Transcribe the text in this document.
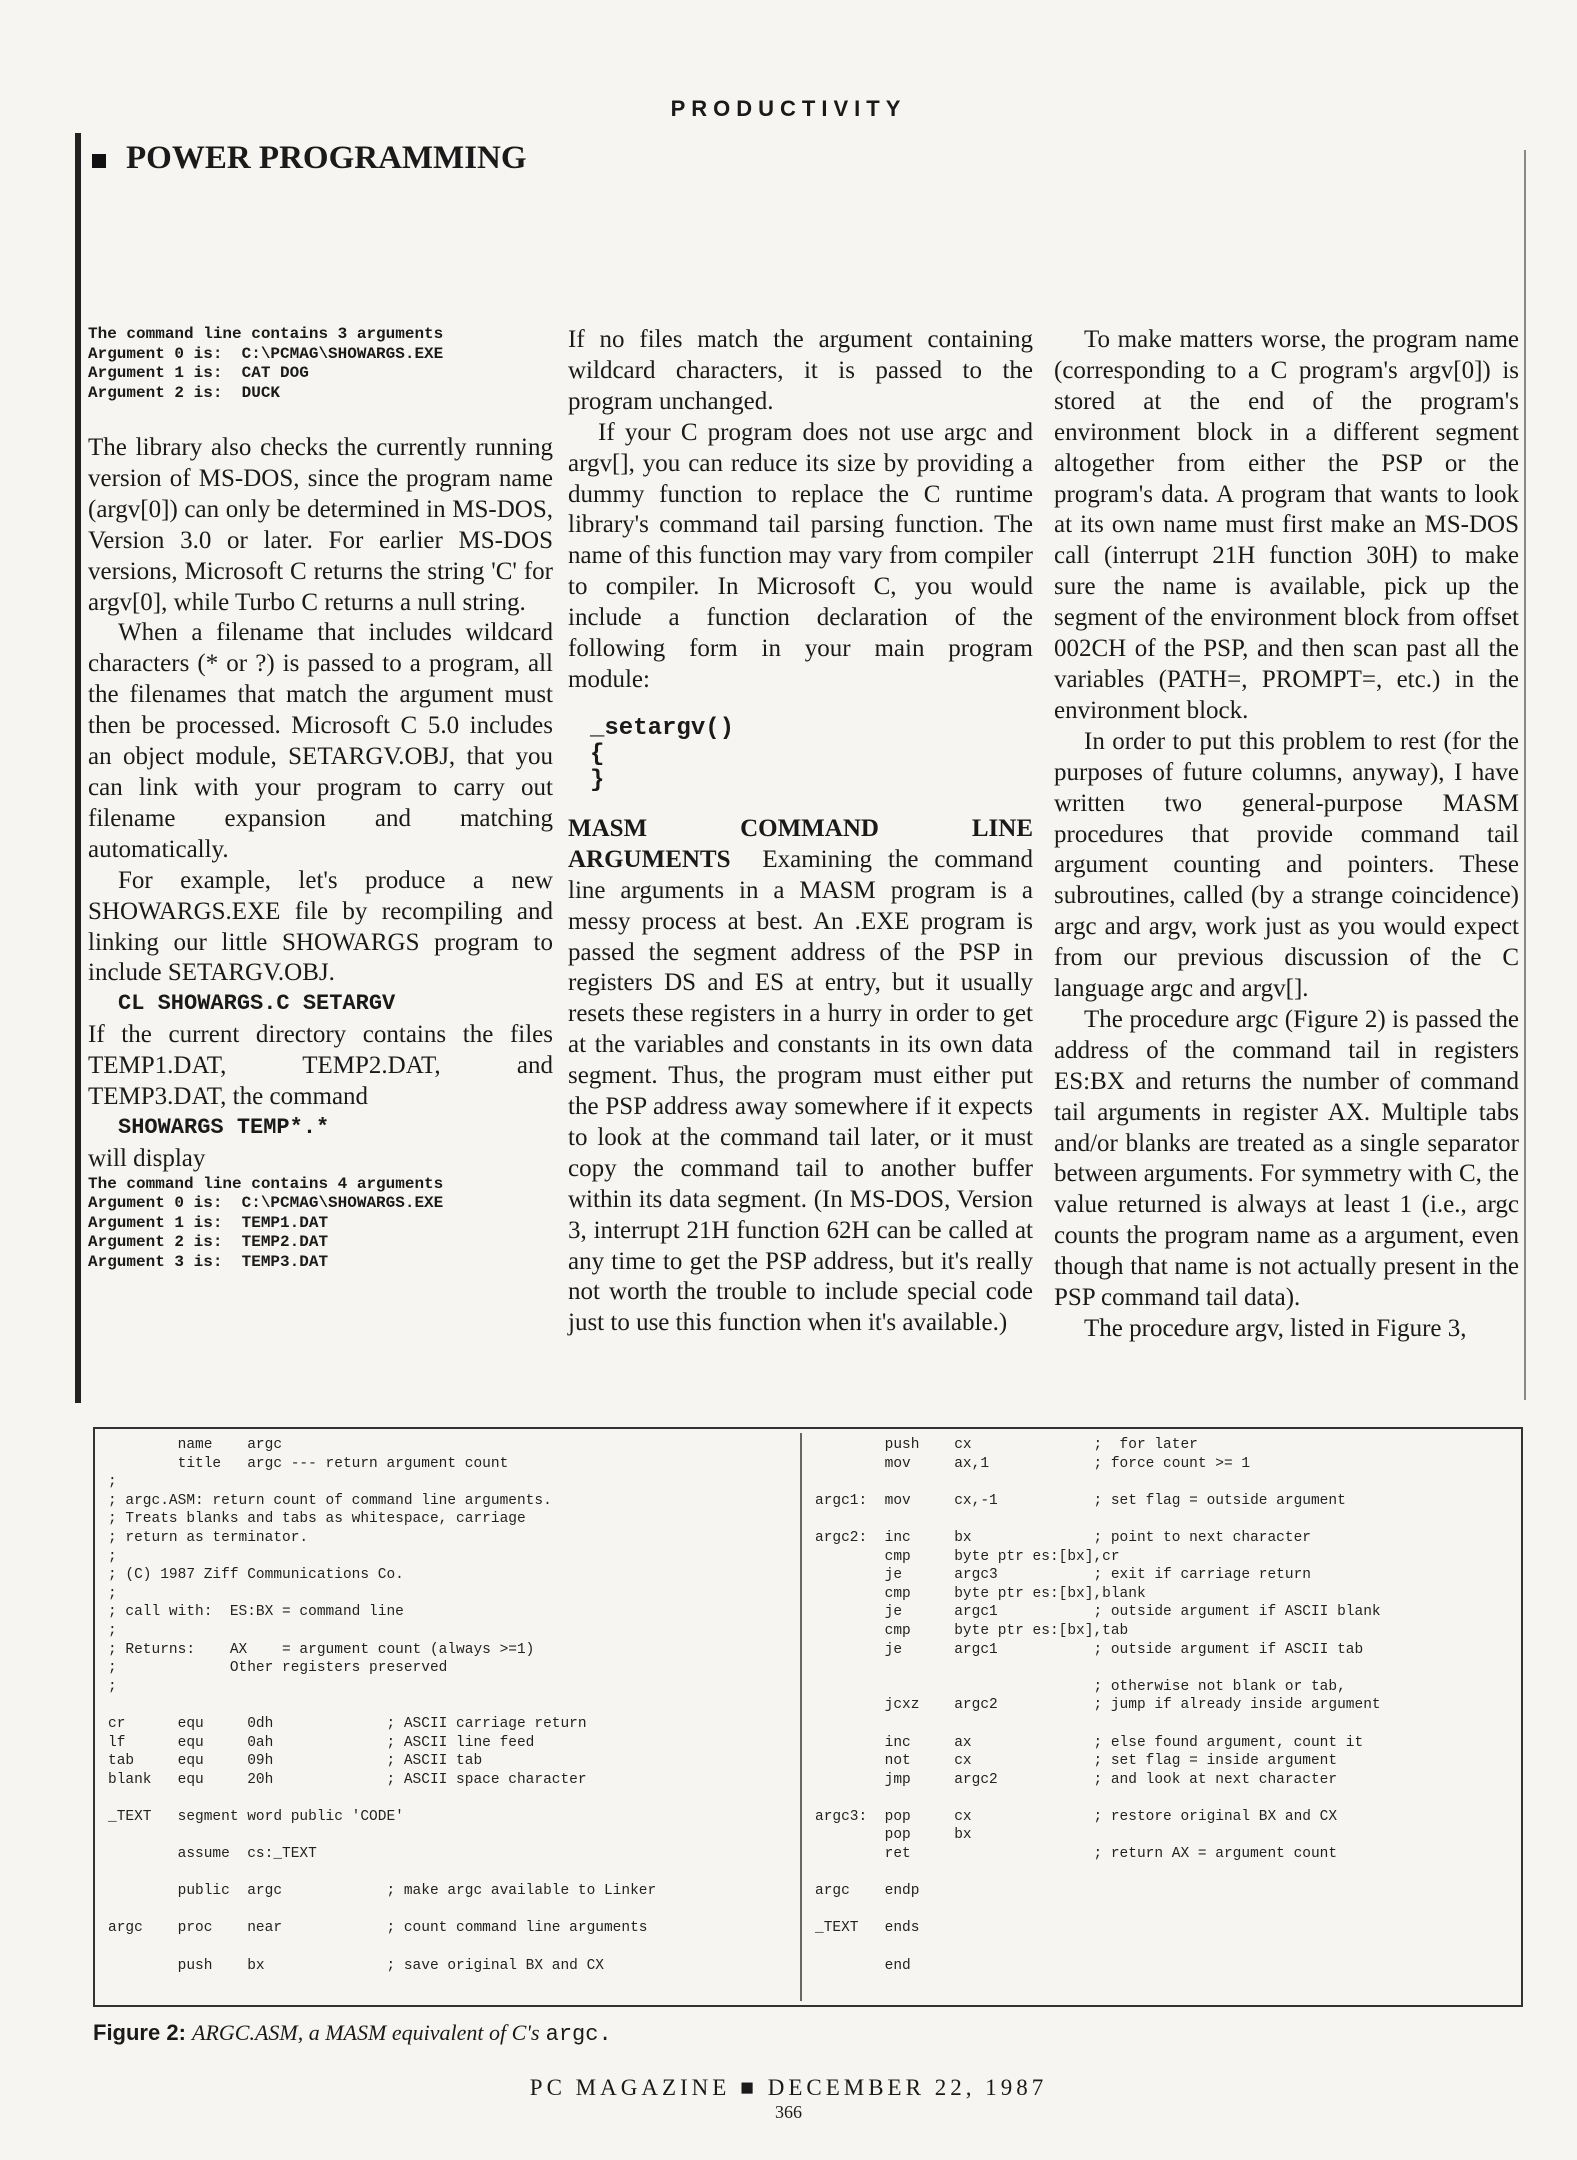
PRODUCTIVITY
POWER PROGRAMMING
The command line contains 3 arguments
Argument 0 is:  C:\PCMAG\SHOWARGS.EXE
Argument 1 is:  CAT DOG
Argument 2 is:  DUCK

The library also checks the currently running version of MS-DOS, since the program name (argv[0]) can only be determined in MS-DOS, Version 3.0 or later. For earlier MS-DOS versions, Microsoft C returns the string 'C' for argv[0], while Turbo C returns a null string.

When a filename that includes wildcard characters (* or ?) is passed to a program, all the filenames that match the argument must then be processed. Microsoft C 5.0 includes an object module, SETARGV.OBJ, that you can link with your program to carry out filename expansion and matching automatically.

For example, let's produce a new SHOWARGS.EXE file by recompiling and linking our little SHOWARGS program to include SETARGV.OBJ.

CL SHOWARGS.C SETARGV

If the current directory contains the files TEMP1.DAT, TEMP2.DAT, and TEMP3.DAT, the command

SHOWARGS TEMP*.*

will display

The command line contains 4 arguments
Argument 0 is:  C:\PCMAG\SHOWARGS.EXE
Argument 1 is:  TEMP1.DAT
Argument 2 is:  TEMP2.DAT
Argument 3 is:  TEMP3.DAT

If no files match the argument containing wildcard characters, it is passed to the program unchanged.

If your C program does not use argc and argv[], you can reduce its size by providing a dummy function to replace the C runtime library's command tail parsing function. The name of this function may vary from compiler to compiler. In Microsoft C, you would include a function declaration of the following form in your main program module:

_setargv()
{
}

MASM COMMAND LINE ARGUMENTS Examining the command line arguments in a MASM program is a messy process at best. An .EXE program is passed the segment address of the PSP in registers DS and ES at entry, but it usually resets these registers in a hurry in order to get at the variables and constants in its own data segment. Thus, the program must either put the PSP address away somewhere if it expects to look at the command tail later, or it must copy the command tail to another buffer within its data segment. (In MS-DOS, Version 3, interrupt 21H function 62H can be called at any time to get the PSP address, but it's really not worth the trouble to include special code just to use this function when it's available.)

To make matters worse, the program name (corresponding to a C program's argv[0]) is stored at the end of the program's environment block in a different segment altogether from either the PSP or the program's data. A program that wants to look at its own name must first make an MS-DOS call (interrupt 21H function 30H) to make sure the name is available, pick up the segment of the environment block from offset 002CH of the PSP, and then scan past all the variables (PATH=, PROMPT=, etc.) in the environment block.

In order to put this problem to rest (for the purposes of future columns, anyway), I have written two general-purpose MASM procedures that provide command tail argument counting and pointers. These subroutines, called (by a strange coincidence) argc and argv, work just as you would expect from our previous discussion of the C language argc and argv[].

The procedure argc (Figure 2) is passed the address of the command tail in registers ES:BX and returns the number of command tail arguments in register AX. Multiple tabs and/or blanks are treated as a single separator between arguments. For symmetry with C, the value returned is always at least 1 (i.e., argc counts the program name as a argument, even though that name is not actually present in the PSP command tail data).

The procedure argv, listed in Figure 3,

name    argc
title   argc --- return argument count
;
; argc.ASM: return count of command line arguments.
; Treats blanks and tabs as whitespace, carriage
; return as terminator.
;
; (C) 1987 Ziff Communications Co.
;
; call with:  ES:BX = command line
;
; Returns:    AX    = argument count (always >=1)
;             Other registers preserved
;

cr      equ     0dh             ; ASCII carriage return
lf      equ     0ah             ; ASCII line feed
tab     equ     09h             ; ASCII tab
blank   equ     20h             ; ASCII space character

_TEXT   segment word public 'CODE'

assume  cs:_TEXT

public  argc            ; make argc available to Linker

argc    proc    near            ; count command line arguments

push    bx              ; save original BX and CX
push    cx              ;  for later
mov     ax,1            ; force count >= 1

argc1:  mov     cx,-1           ; set flag = outside argument

argc2:  inc     bx              ; point to next character
cmp     byte ptr es:[bx],cr
je      argc3           ; exit if carriage return
cmp     byte ptr es:[bx],blank
je      argc1           ; outside argument if ASCII blank
cmp     byte ptr es:[bx],tab
je      argc1           ; outside argument if ASCII tab

; otherwise not blank or tab,
jcxz    argc2           ; jump if already inside argument

inc     ax              ; else found argument, count it
not     cx              ; set flag = inside argument
jmp     argc2           ; and look at next character

argc3:  pop     cx              ; restore original BX and CX
pop     bx
ret                     ; return AX = argument count

argc    endp

_TEXT   ends

end
Figure 2: ARGC.ASM, a MASM equivalent of C's argc.
PC MAGAZINE ■ DECEMBER 22, 1987
366
